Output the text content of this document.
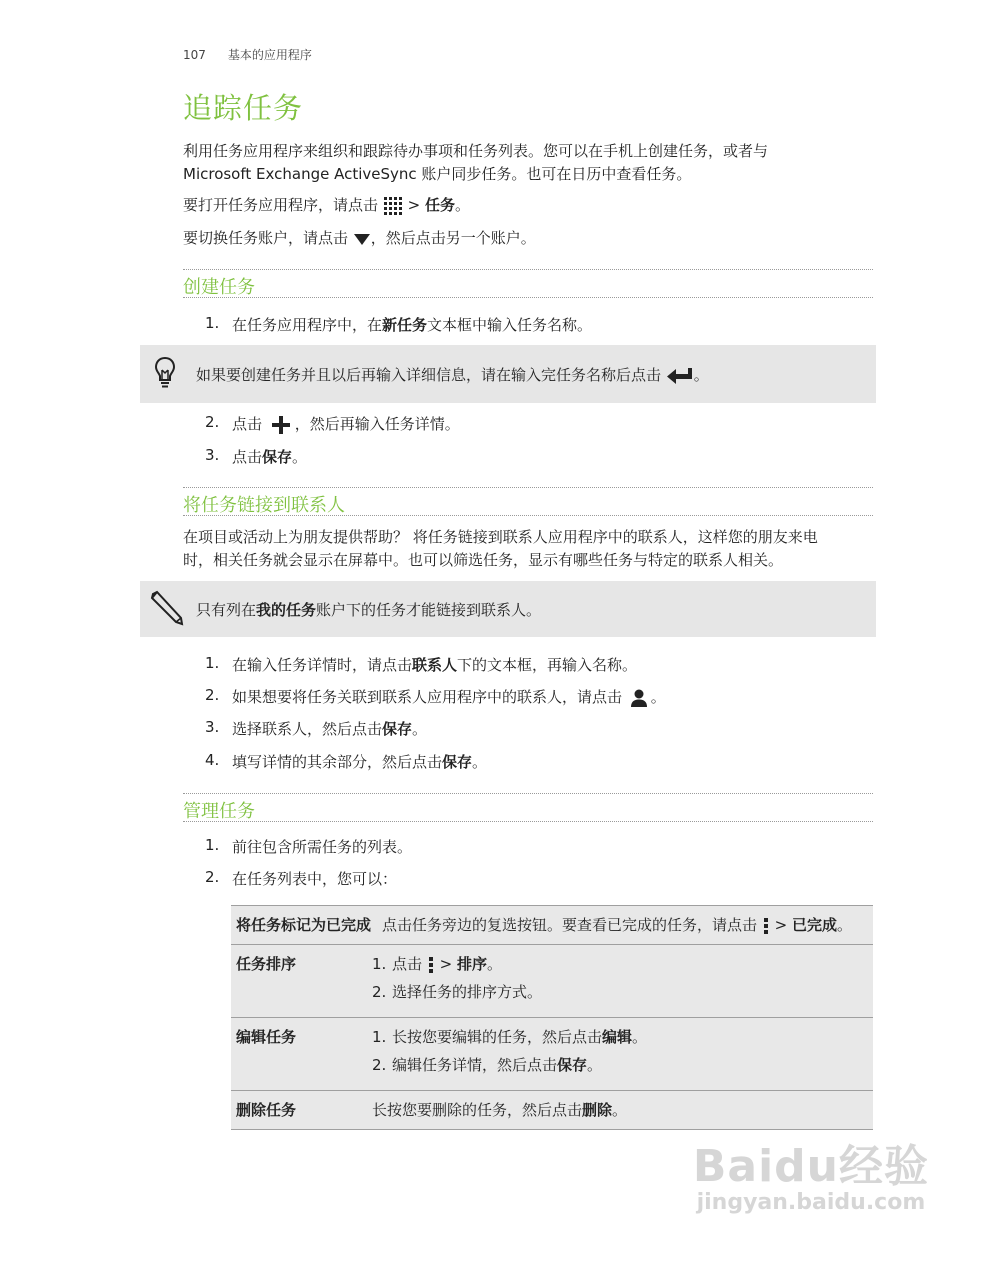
107 基本的应用程序
追踪任务
利用任务应用程序来组织和跟踪待办事项和任务列表。您可以在手机上创建任务，或者与
Microsoft Exchange ActiveSync 账户同步任务。也可在日历中查看任务。
要打开任务应用程序，请点击 > 任务。
要切换任务账户，请点击 ，然后点击另一个账户。
创建任务
1. 在任务应用程序中，在新任务文本框中输入任务名称。
如果要创建任务并且以后再输入详细信息，请在输入完任务名称后点击 。
2. 点击 ，然后再输入任务详情。
3. 点击保存。
将任务链接到联系人
在项目或活动上为朋友提供帮助？ 将任务链接到联系人应用程序中的联系人，这样您的朋友来电
时，相关任务就会显示在屏幕中。也可以筛选任务，显示有哪些任务与特定的联系人相关。
只有列在我的任务账户下的任务才能链接到联系人。
1. 在输入任务详情时，请点击联系人下的文本框，再输入名称。
2. 如果想要将任务关联到联系人应用程序中的联系人，请点击 。
3. 选择联系人，然后点击保存。
4. 填写详情的其余部分，然后点击保存。
管理任务
1. 前往包含所需任务的列表。
2. 在任务列表中，您可以：
将任务标记为已完成	点击任务旁边的复选按钮。要查看已完成的任务，请点击 > 已完成。
任务排序	1. 点击 > 排序。
2. 选择任务的排序方式。

编辑任务	1. 长按您要编辑的任务，然后点击编辑。
2. 编辑任务详情，然后点击保存。

删除任务	长按您要删除的任务，然后点击删除。
Baidu经验
jingyan.baidu.com
